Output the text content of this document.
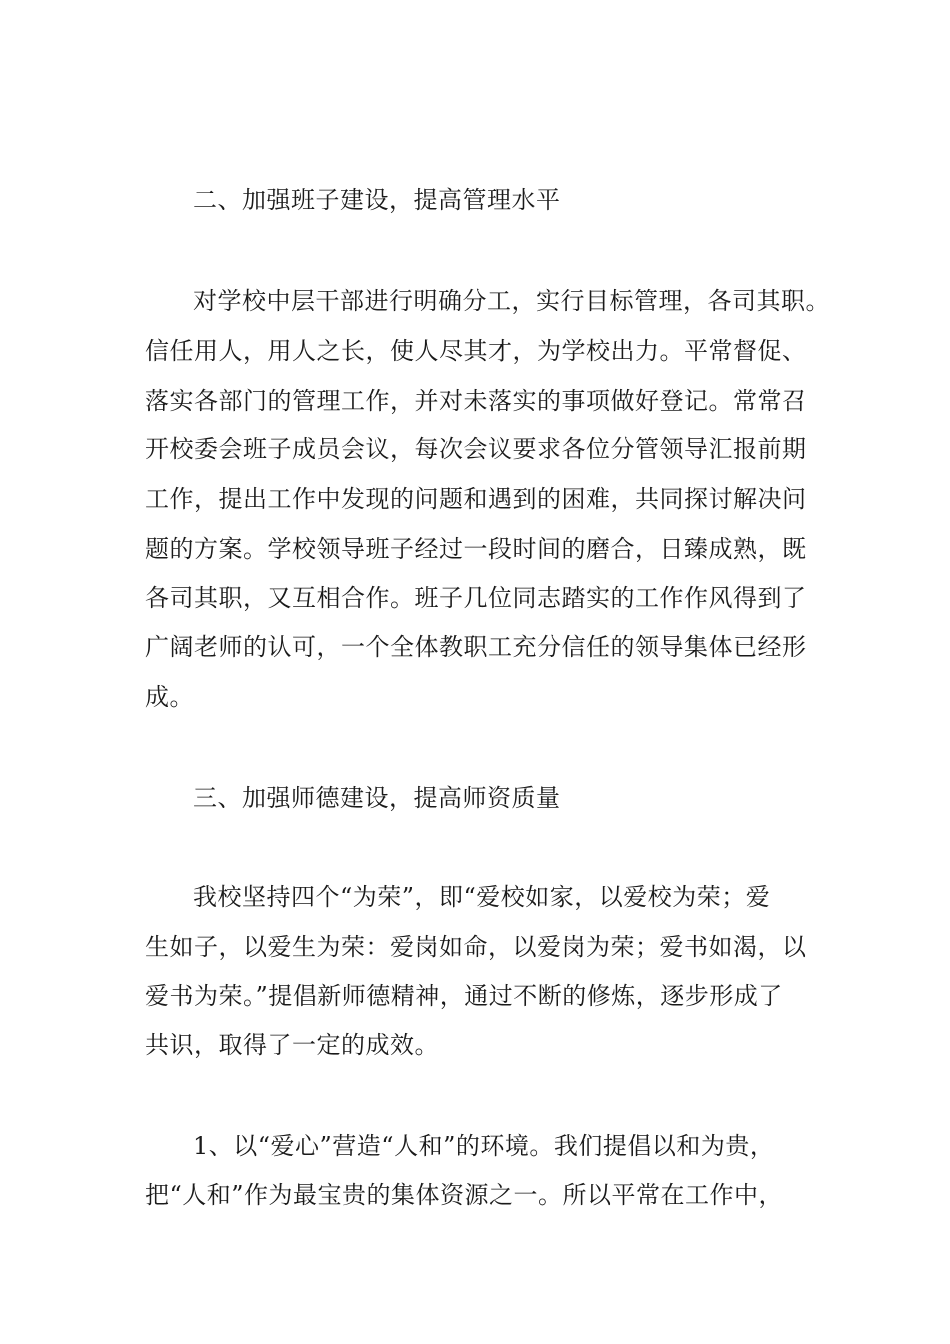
二、加强班子建设，提高管理水平
对学校中层干部进行明确分工，实行目标管理，各司其职。
信任用人，用人之长，使人尽其才，为学校出力。平常督促、
落实各部门的管理工作，并对未落实的事项做好登记。常常召
开校委会班子成员会议，每次会议要求各位分管领导汇报前期
工作，提出工作中发现的问题和遇到的困难，共同探讨解决问
题的方案。学校领导班子经过一段时间的磨合，日臻成熟，既
各司其职，又互相合作。班子几位同志踏实的工作作风得到了
广阔老师的认可，一个全体教职工充分信任的领导集体已经形
成。
三、加强师德建设，提高师资质量
我校坚持四个“为荣”，即“爱校如家，以爱校为荣；爱
生如子，以爱生为荣：爱岗如命，以爱岗为荣；爱书如渴，以
爱书为荣。”提倡新师德精神，通过不断的修炼，逐步形成了
共识，取得了一定的成效。
1、以“爱心”营造“人和”的环境。我们提倡以和为贵，
把“人和”作为最宝贵的集体资源之一。所以平常在工作中，
